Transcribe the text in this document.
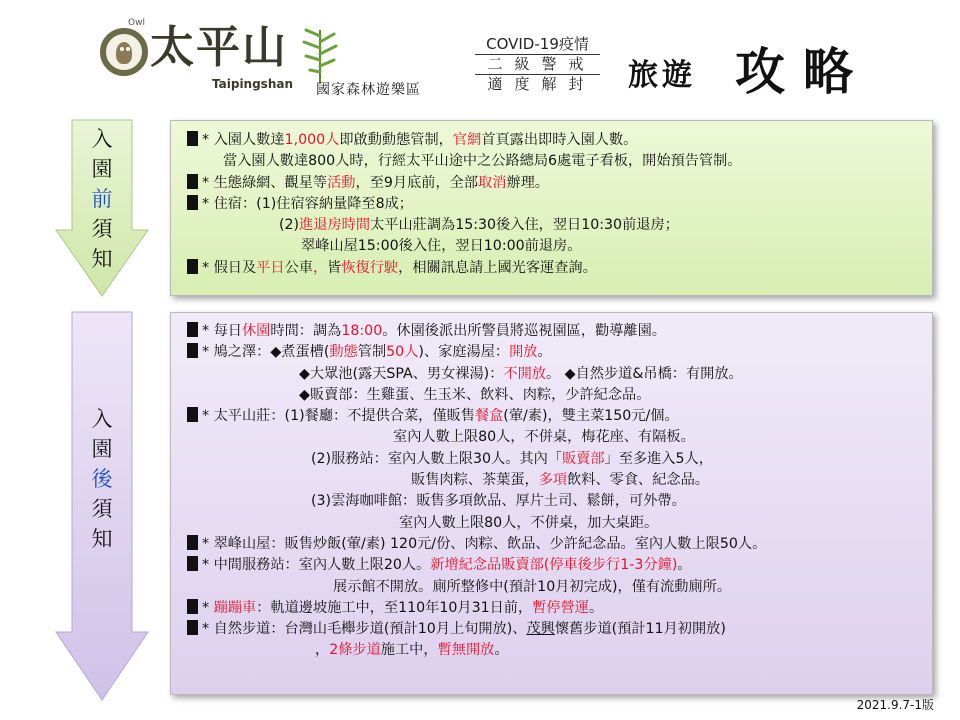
Owl 太平山
Taipingshan 國家森林遊樂區
COVID-19疫情
二級警戒
適度解封 旅遊 攻略
入
園
前
須
知
入
園
後
須
知
* 入園人數達1,000人即啟動動態管制，官網首頁露出即時入園人數。
當入園人數達800人時，行經太平山途中之公路總局6處電子看板，開始預告管制。
* 生態綠網、觀星等活動，至9月底前，全部取消辦理。
* 住宿：(1)住宿容納量降至8成；
(2)進退房時間太平山莊調為15:30後入住，翌日10:30前退房；
翠峰山屋15:00後入住，翌日10:00前退房。
* 假日及平日公車，皆恢復行駛，相關訊息請上國光客運查詢。
* 每日休園時間：調為18:00。休園後派出所警員將巡視園區，勸導離園。
* 鳩之澤：◆煮蛋槽(動態管制50人)、家庭湯屋：開放。
◆大眾池(露天SPA、男女裸湯)：不開放。 ◆自然步道&吊橋：有開放。
◆販賣部：生雞蛋、生玉米、飲料、肉粽，少許紀念品。
* 太平山莊：(1)餐廳：不提供合菜，僅販售餐盒(葷/素)，雙主菜150元/個。
室內人數上限80人，不併桌，梅花座、有隔板。
(2)服務站：室內人數上限30人。其內「販賣部」至多進入5人，
販售肉粽、茶葉蛋，多項飲料、零食、紀念品。
(3)雲海咖啡館：販售多項飲品、厚片土司、鬆餅，可外帶。
室內人數上限80人，不併桌，加大桌距。
* 翠峰山屋：販售炒飯(葷/素) 120元/份、肉粽、飲品、少許紀念品。室內人數上限50人。
* 中間服務站：室內人數上限20人。新增紀念品販賣部(停車後步行1-3分鐘)。
展示館不開放。廁所整修中(預計10月初完成)，僅有流動廁所。
* 蹦蹦車：軌道邊坡施工中，至110年10月31日前，暫停營運。
* 自然步道：台灣山毛櫸步道(預計10月上旬開放)、茂興懷舊步道(預計11月初開放)
，2條步道施工中，暫無開放。
2021.9.7-1版
